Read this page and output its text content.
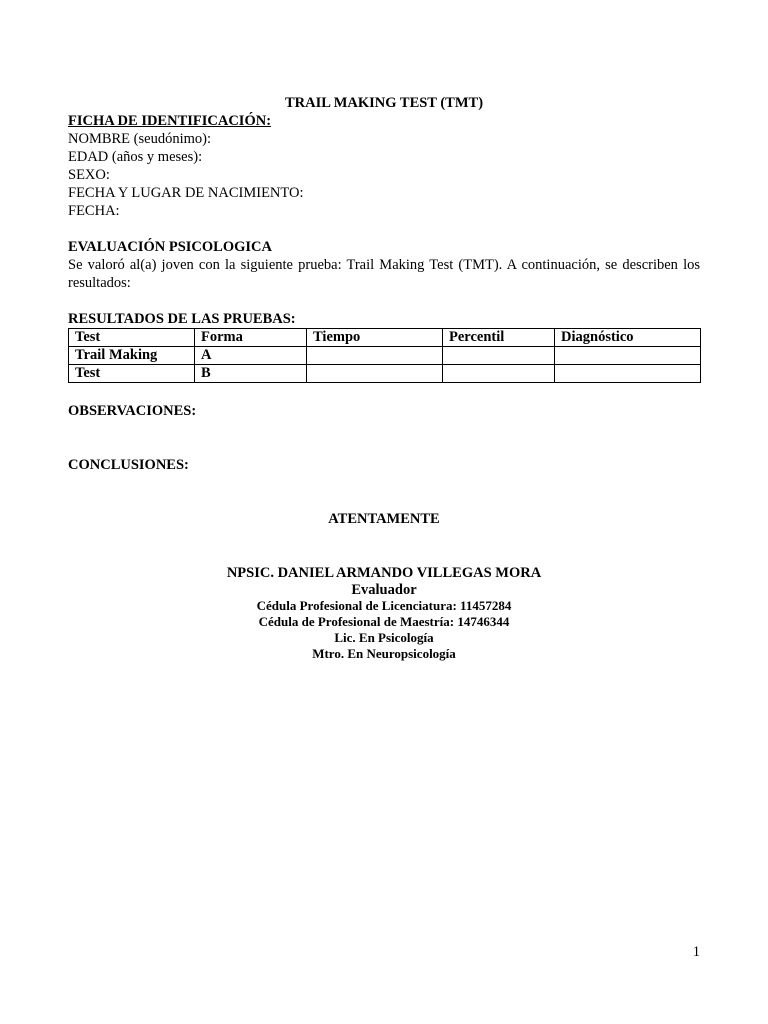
TRAIL MAKING TEST (TMT)

FICHA DE IDENTIFICACIÓN:

NOMBRE (seudónimo):

EDAD (años y meses):

SEXO:

FECHA Y LUGAR DE NACIMIENTO:

FECHA:

EVALUACIÓN PSICOLOGICA

Se valoró al(a) joven con la siguiente prueba: Trail Making Test (TMT). A continuación, se describen los resultados:

RESULTADOS DE LAS PRUEBAS:

Test	Forma	Tiempo	Percentil	Diagnóstico
Trail Making	A			
Test	B			

OBSERVACIONES:

CONCLUSIONES:

ATENTAMENTE

NPSIC. DANIEL ARMANDO VILLEGAS MORA

Evaluador

Cédula Profesional de Licenciatura: 11457284

Cédula de Profesional de Maestría: 14746344

Lic. En Psicología

Mtro. En Neuropsicología

1
